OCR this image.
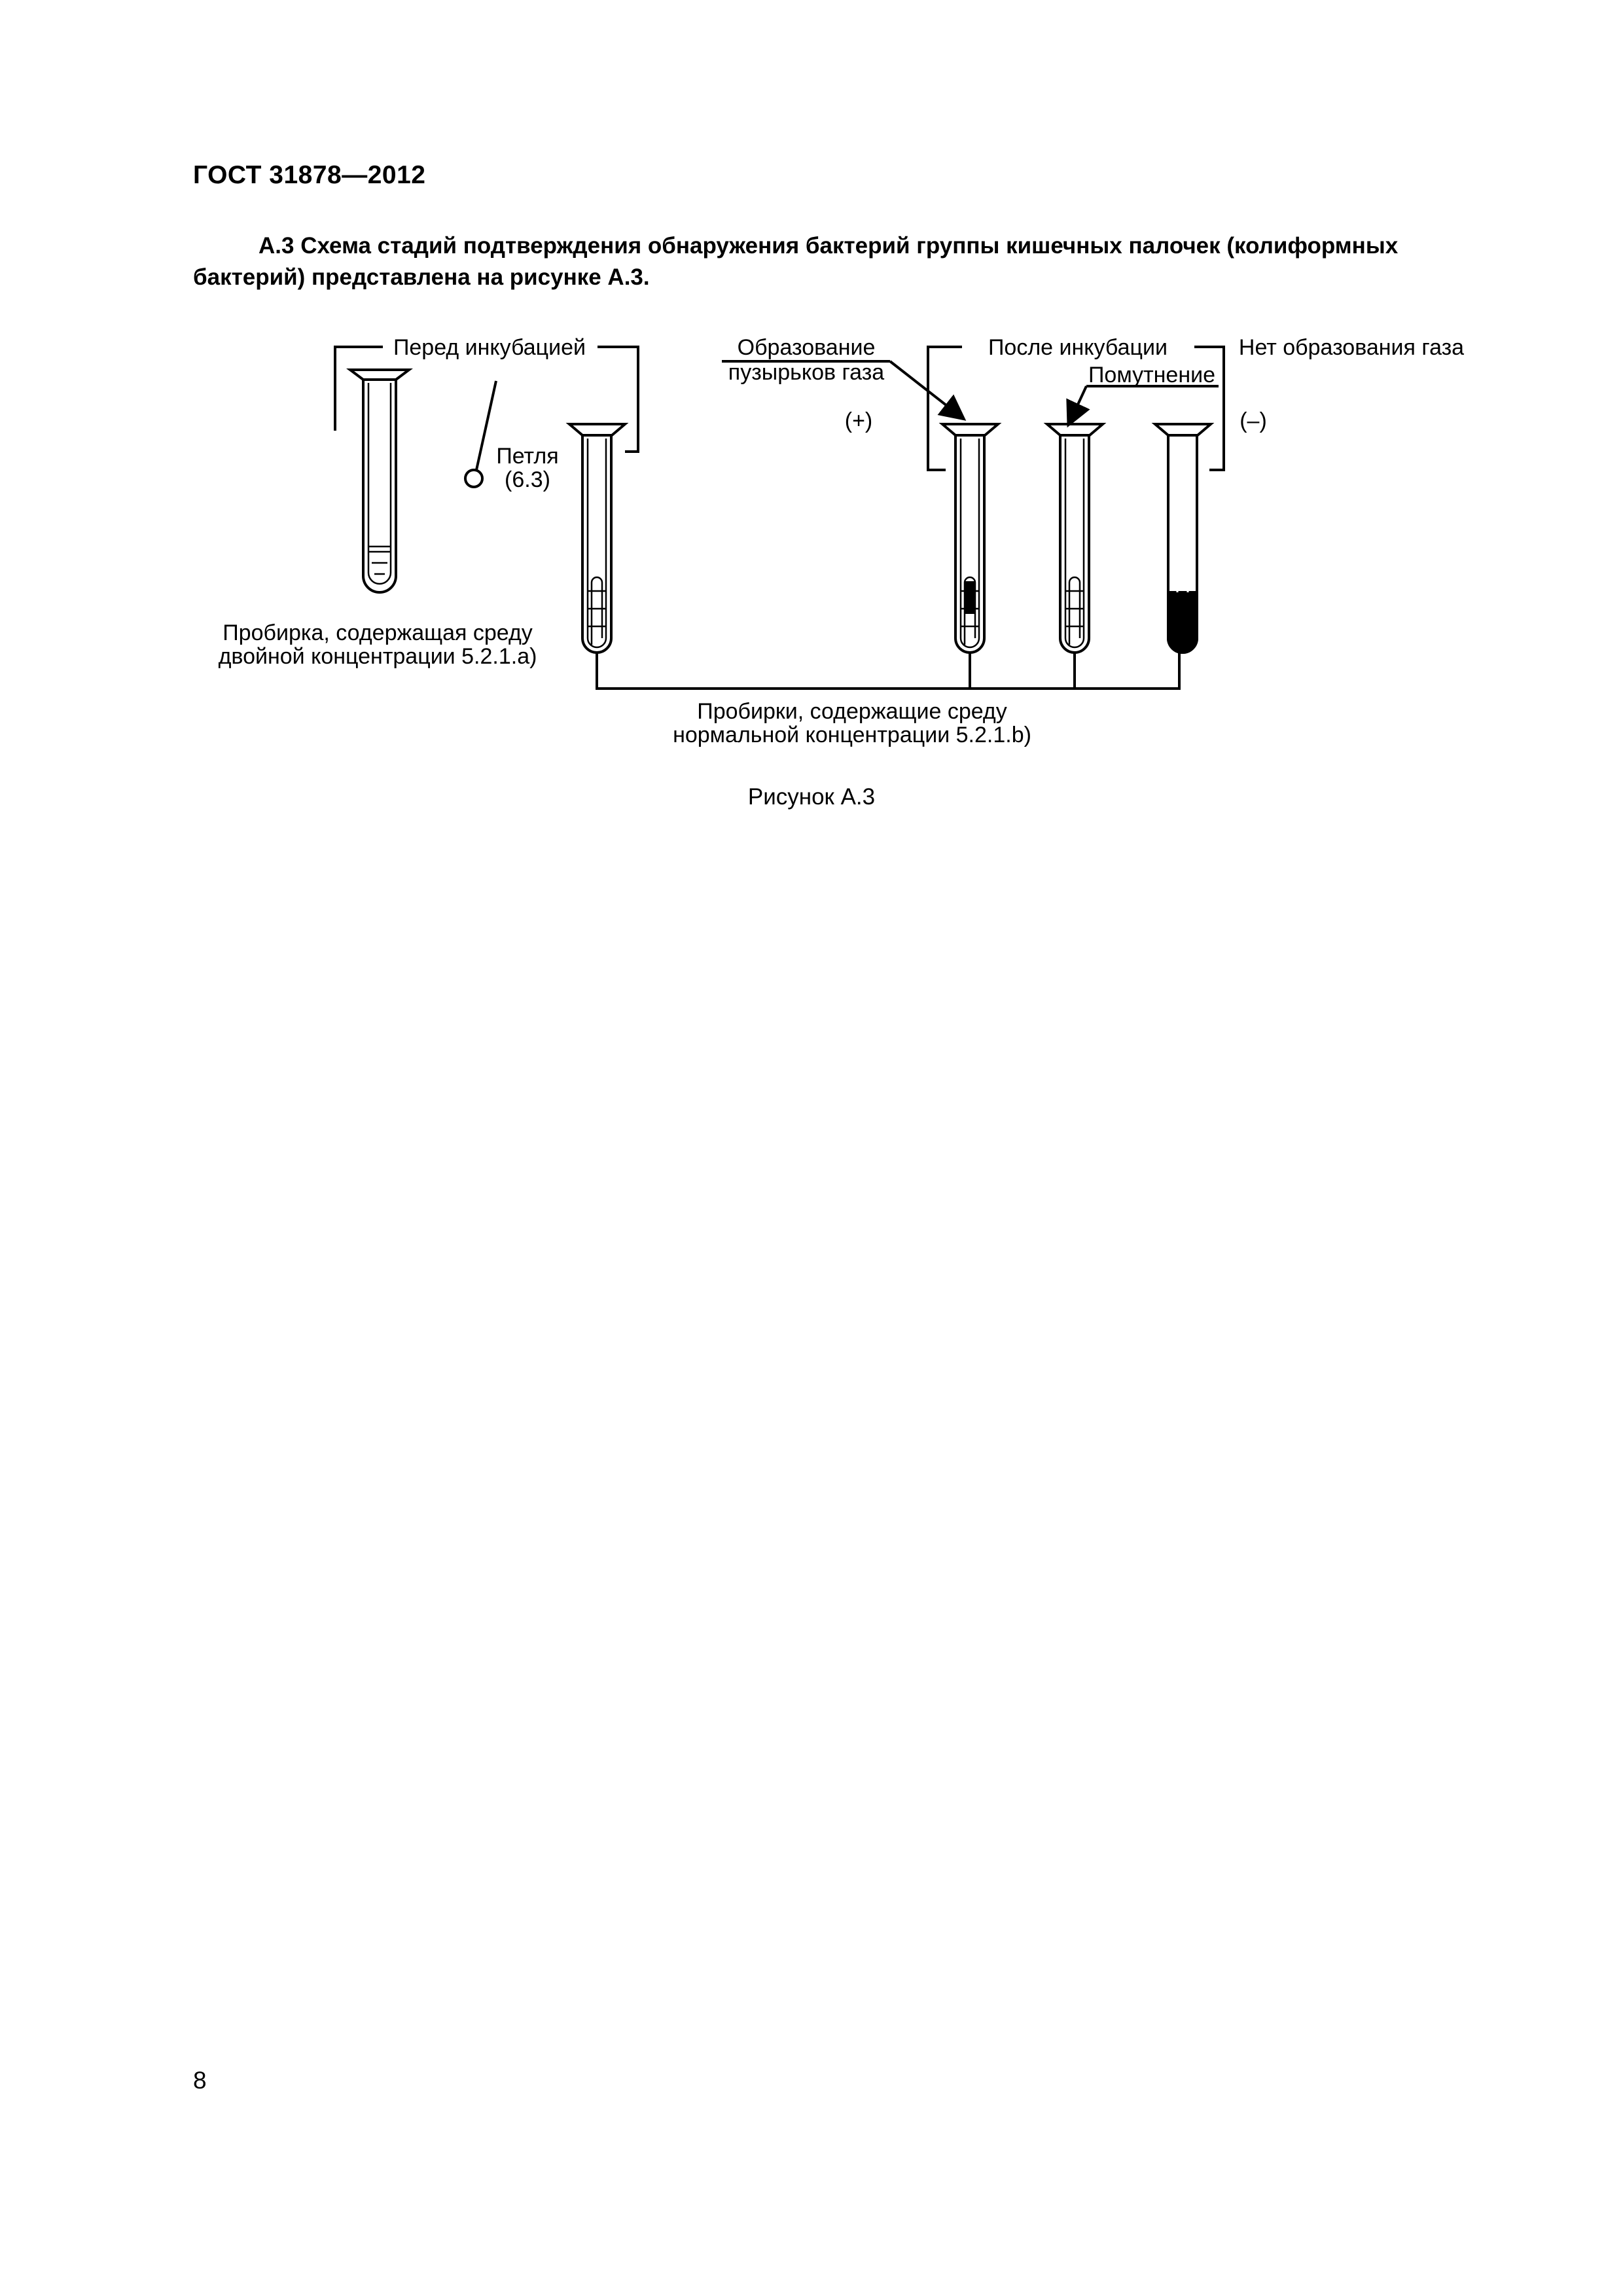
ГОСТ 31878—2012
А.3 Схема стадий подтверждения обнаружения бактерий группы кишечных палочек (колиформных бактерий) представлена на рисунке А.3.
Перед инкубацией	После инкубации
Образование
пузырьков газа
Нет образования газа
Помутнение
(+)	(–)
Петля
(6.3)
Пробирка, содержащая среду
двойной концентрации 5.2.1.a)
Пробирки, содержащие среду
нормальной концентрации 5.2.1.b)
Рисунок А.3
8
